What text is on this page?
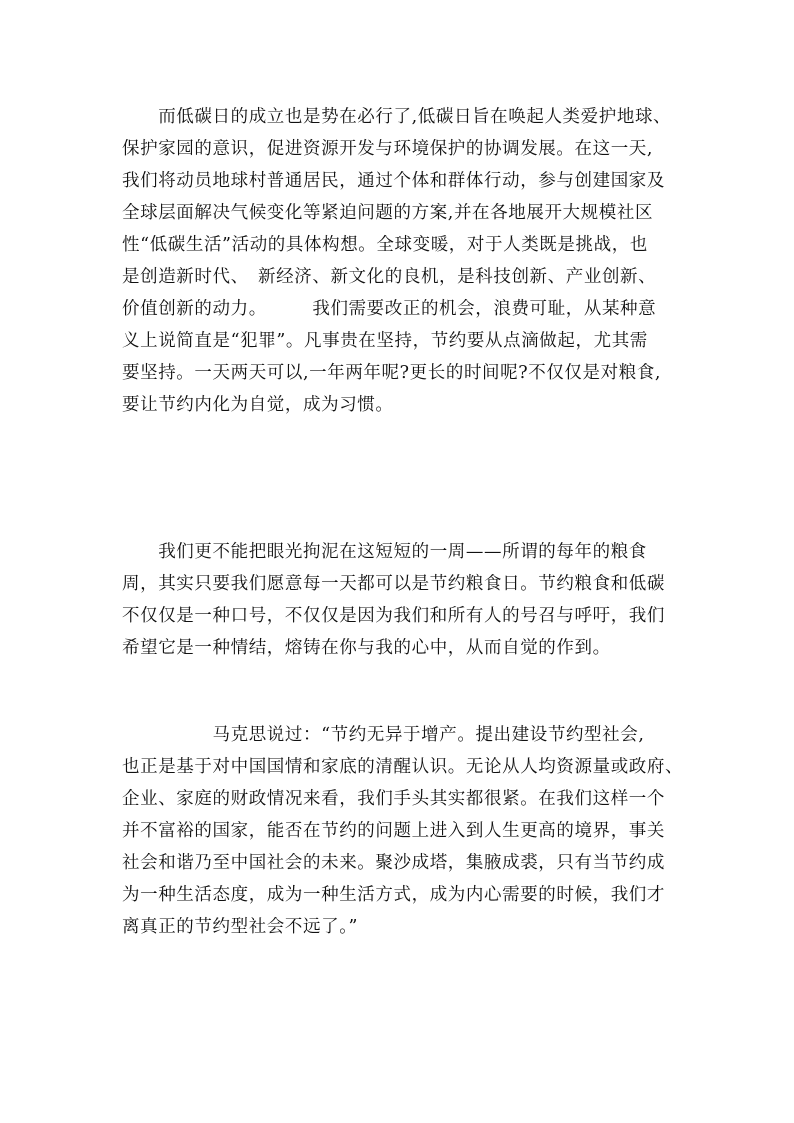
　　而低碳日的成立也是势在必行了,低碳日旨在唤起人类爱护地球、
保护家园的意识，促进资源开发与环境保护的协调发展。在这一天,
我们将动员地球村普通居民，通过个体和群体行动，参与创建国家及
全球层面解决气候变化等紧迫问题的方案,并在各地展开大规模社区
性“低碳生活”活动的具体构想。全球变暖，对于人类既是挑战，也
是创造新时代、　新经济、新文化的良机，是科技创新、产业创新、
价值创新的动力。　　　我们需要改正的机会，浪费可耻，从某种意
义上说简直是“犯罪”。凡事贵在坚持，节约要从点滴做起，尤其需
要坚持。一天两天可以,一年两年呢?更长的时间呢?不仅仅是对粮食,
要让节约内化为自觉，成为习惯。

　　我们更不能把眼光拘泥在这短短的一周——所谓的每年的粮食
周，其实只要我们愿意每一天都可以是节约粮食日。节约粮食和低碳
不仅仅是一种口号，不仅仅是因为我们和所有人的号召与呼吁，我们
希望它是一种情结，熔铸在你与我的心中，从而自觉的作到。

　　　　　马克思说过：“节约无异于增产。提出建设节约型社会,
也正是基于对中国国情和家底的清醒认识。无论从人均资源量或政府、
企业、家庭的财政情况来看，我们手头其实都很紧。在我们这样一个
并不富裕的国家，能否在节约的问题上进入到人生更高的境界，事关
社会和谐乃至中国社会的未来。聚沙成塔，集腋成裘，只有当节约成
为一种生活态度，成为一种生活方式，成为内心需要的时候，我们才
离真正的节约型社会不远了。”
